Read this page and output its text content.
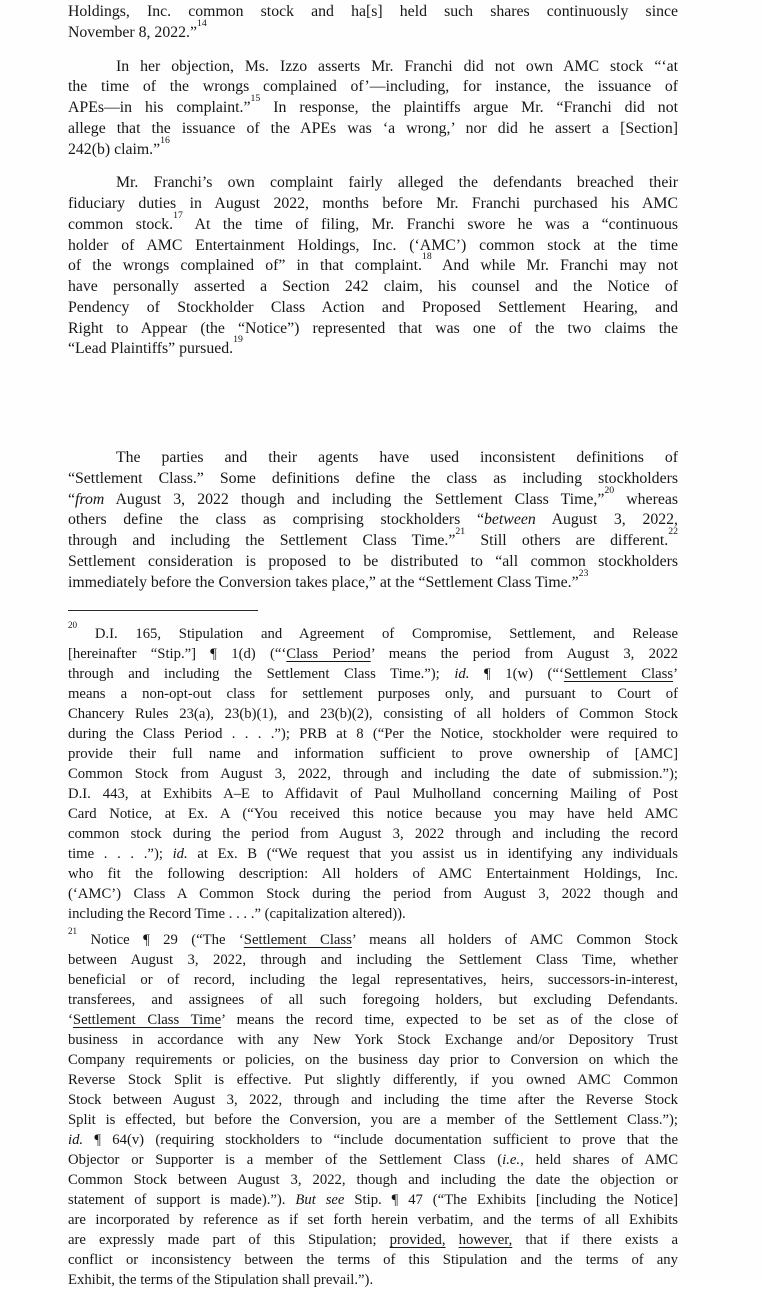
Holdings, Inc. common stock and ha[s] held such shares continuously since
November 8, 2022.”$^{14}$
In her objection, Ms. Izzo asserts Mr. Franchi did not own AMC stock “‘at
the time of the wrongs complained of’—including, for instance, the issuance of
APEs—in his complaint.”$^{15}$ In response, the plaintiffs argue Mr. “Franchi did not
allege that the issuance of the APEs was ‘a wrong,’ nor did he assert a [Section]
242(b) claim.”$^{16}$
Mr. Franchi’s own complaint fairly alleged the defendants breached their
fiduciary duties in August 2022, months before Mr. Franchi purchased his AMC
common stock.$^{17}$ At the time of filing, Mr. Franchi swore he was a “continuous
holder of AMC Entertainment Holdings, Inc. (‘AMC’) common stock at the time
of the wrongs complained of” in that complaint.$^{18}$ And while Mr. Franchi may not
have personally asserted a Section 242 claim, his counsel and the Notice of
Pendency of Stockholder Class Action and Proposed Settlement Hearing, and
Right to Appear (the “Notice”) represented that was one of the two claims the
“Lead Plaintiffs” pursued.$^{19}$
The parties and their agents have used inconsistent definitions of
“Settlement Class.” Some definitions define the class as including stockholders
“from August 3, 2022 though and including the Settlement Class Time,”$^{20}$ whereas
others define the class as comprising stockholders “between August 3, 2022,
through and including the Settlement Class Time.”$^{21}$ Still others are different.$^{22}$
Settlement consideration is proposed to be distributed to “all common stockholders
immediately before the Conversion takes place,” at the “Settlement Class Time.”$^{23}$
$^{20}$ D.I. 165, Stipulation and Agreement of Compromise, Settlement, and Release
[hereinafter “Stip.”] ¶ 1(d) (“‘Class Period’ means the period from August 3, 2022
through and including the Settlement Class Time.”); id. ¶ 1(w) (“‘Settlement Class’
means a non-opt-out class for settlement purposes only, and pursuant to Court of
Chancery Rules 23(a), 23(b)(1), and 23(b)(2), consisting of all holders of Common Stock
during the Class Period . . . .”); PRB at 8 (“Per the Notice, stockholder were required to
provide their full name and information sufficient to prove ownership of [AMC]
Common Stock from August 3, 2022, through and including the date of submission.”);
D.I. 443, at Exhibits A–E to Affidavit of Paul Mulholland concerning Mailing of Post
Card Notice, at Ex. A (“You received this notice because you may have held AMC
common stock during the period from August 3, 2022 through and including the record
time . . . .”); id. at Ex. B (“We request that you assist us in identifying any individuals
who fit the following description: All holders of AMC Entertainment Holdings, Inc.
(‘AMC’) Class A Common Stock during the period from August 3, 2022 though and
including the Record Time . . . .” (capitalization altered)).
$^{21}$ Notice ¶ 29 (“The ‘Settlement Class’ means all holders of AMC Common Stock
between August 3, 2022, through and including the Settlement Class Time, whether
beneficial or of record, including the legal representatives, heirs, successors-in-interest,
transferees, and assignees of all such foregoing holders, but excluding Defendants.
‘Settlement Class Time’ means the record time, expected to be set as of the close of
business in accordance with any New York Stock Exchange and/or Depository Trust
Company requirements or policies, on the business day prior to Conversion on which the
Reverse Stock Split is effective. Put slightly differently, if you owned AMC Common
Stock between August 3, 2022, through and including the time after the Reverse Stock
Split is effected, but before the Conversion, you are a member of the Settlement Class.”);
id. ¶ 64(v) (requiring stockholders to “include documentation sufficient to prove that the
Objector or Supporter is a member of the Settlement Class (i.e., held shares of AMC
Common Stock between August 3, 2022, though and including the date the objection or
statement of support is made).”). But see Stip. ¶ 47 (“The Exhibits [including the Notice]
are incorporated by reference as if set forth herein verbatim, and the terms of all Exhibits
are expressly made part of this Stipulation; provided, however, that if there exists a
conflict or inconsistency between the terms of this Stipulation and the terms of any
Exhibit, the terms of the Stipulation shall prevail.”).
